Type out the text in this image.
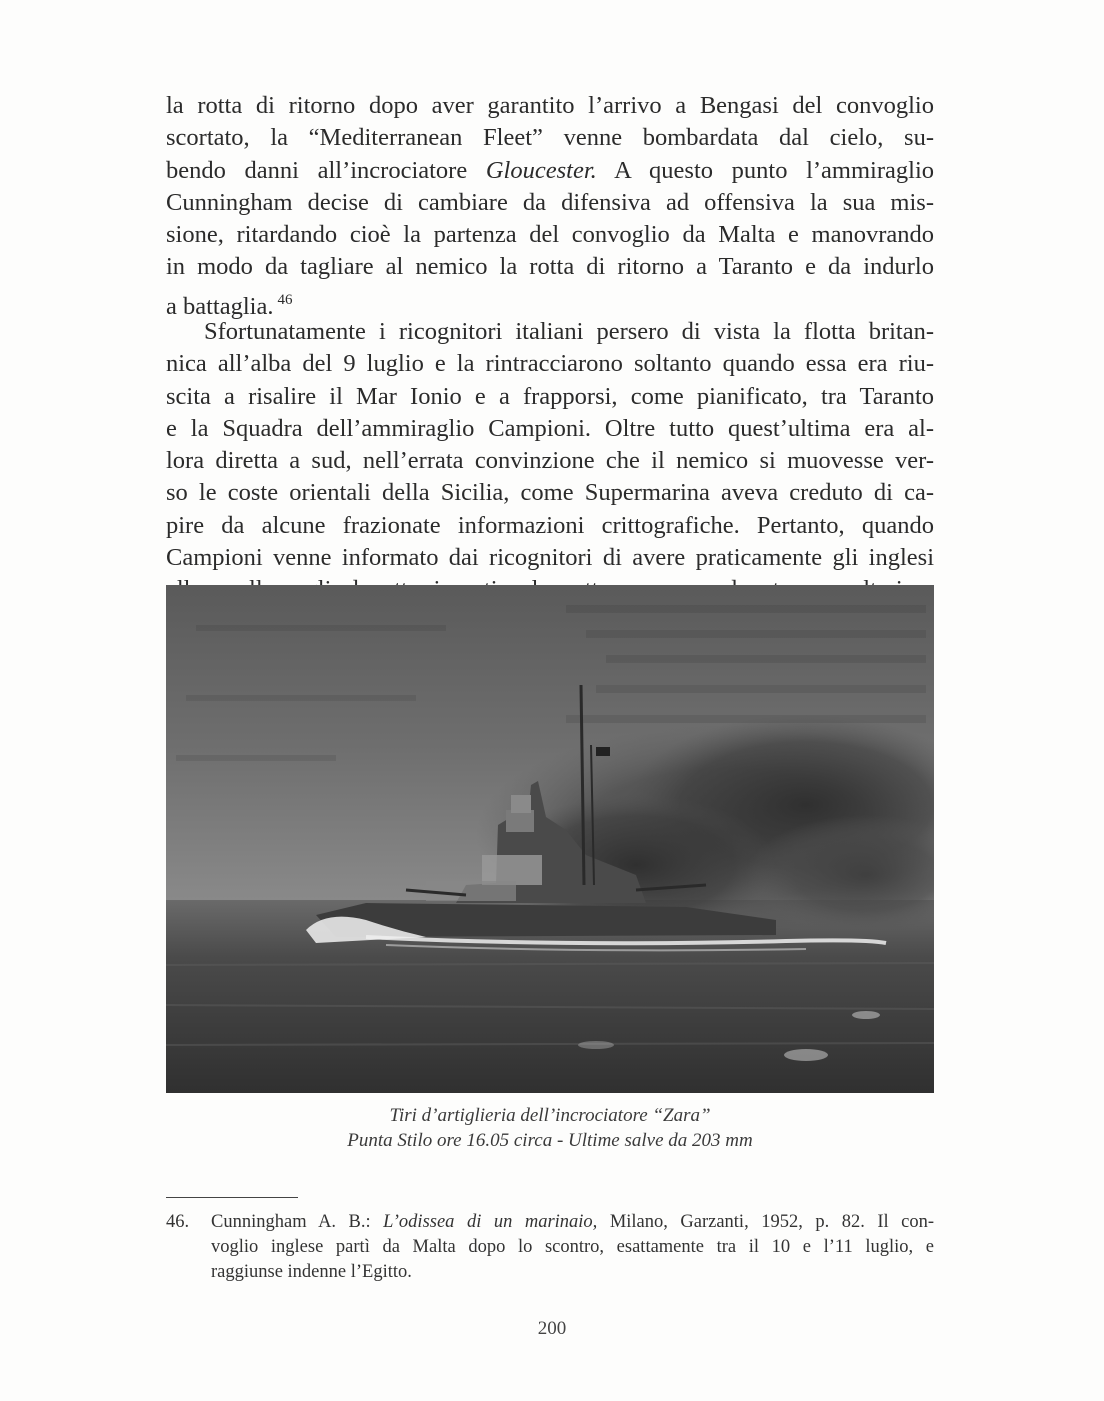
la rotta di ritorno dopo aver garantito l’arrivo a Bengasi del convoglio
scortato, la “Mediterranean Fleet” venne bombardata dal cielo, su-
bendo danni all’incrociatore Gloucester. A questo punto l’ammiraglio
Cunningham decise di cambiare da difensiva ad offensiva la sua mis-
sione, ritardando cioè la partenza del convoglio da Malta e manovrando
in modo da tagliare al nemico la rotta di ritorno a Taranto e da indurlo
a battaglia. $^{46}$

Sfortunatamente i ricognitori italiani persero di vista la flotta britan-
nica all’alba del 9 luglio e la rintracciarono soltanto quando essa era riu-
scita a risalire il Mar Ionio e a frapporsi, come pianificato, tra Taranto
e la Squadra dell’ammiraglio Campioni. Oltre tutto quest’ultima era al-
lora diretta a sud, nell’errata convinzione che il nemico si muovesse ver-
so le coste orientali della Sicilia, come Supermarina aveva creduto di ca-
pire da alcune frazionate informazioni crittografiche. Pertanto, quando
Campioni venne informato dai ricognitori di avere praticamente gli inglesi

Tiri d’artiglieria dell’incrociatore “Zara”
Punta Stilo ore 16.05 circa - Ultime salve da 203 mm
46. Cunningham A. B.: L’odissea di un marinaio, Milano, Garzanti, 1952, p. 82. Il con-
voglio inglese partì da Malta dopo lo scontro, esattamente tra il 10 e l’11 luglio, e
raggiunse indenne l’Egitto.
200
